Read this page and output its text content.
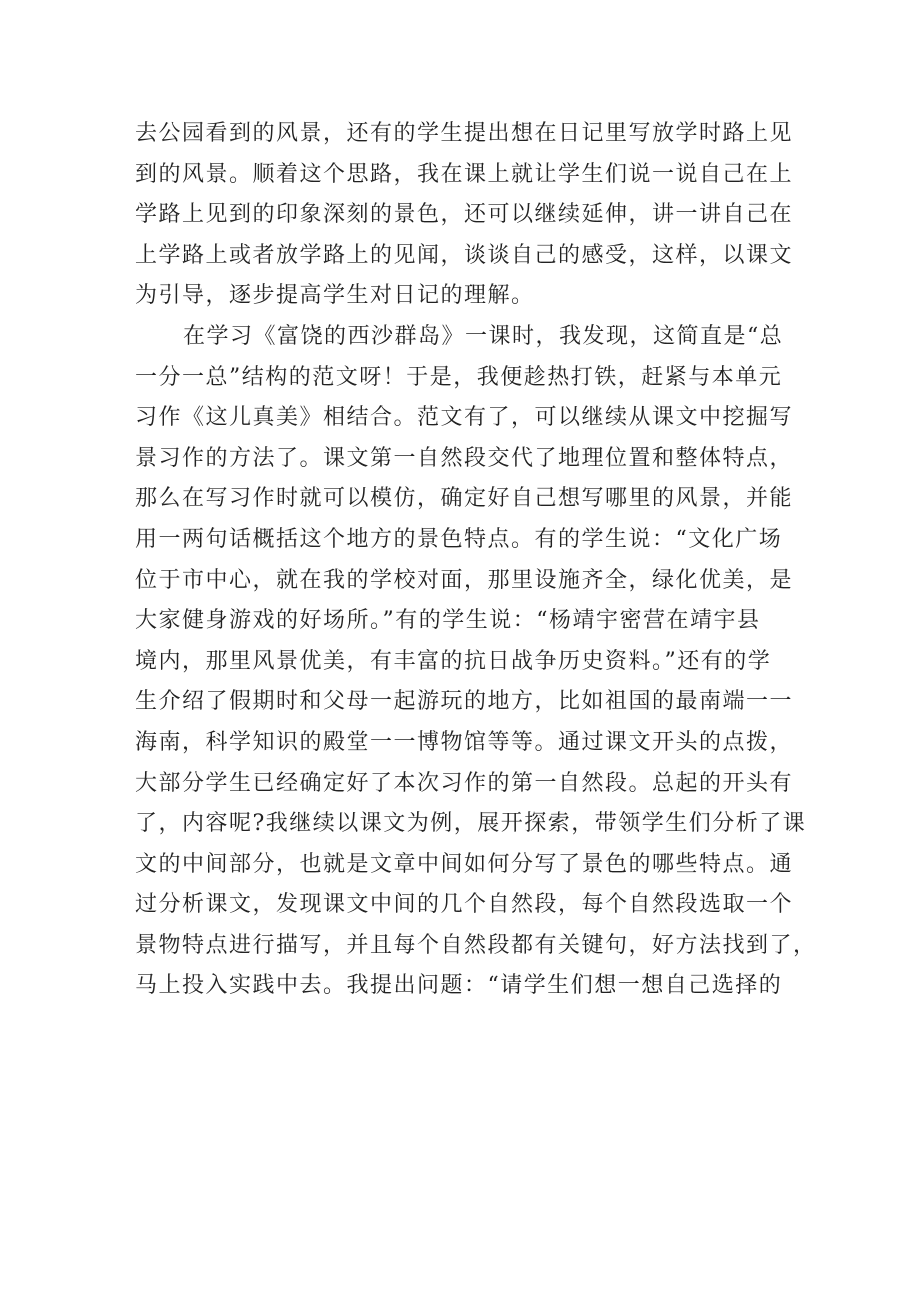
去公园看到的风景，还有的学生提出想在日记里写放学时路上见
到的风景。顺着这个思路，我在课上就让学生们说一说自己在上
学路上见到的印象深刻的景色，还可以继续延伸，讲一讲自己在
上学路上或者放学路上的见闻，谈谈自己的感受，这样，以课文
为引导，逐步提高学生对日记的理解。
在学习《富饶的西沙群岛》一课时，我发现，这简直是“总
一分一总”结构的范文呀！于是，我便趁热打铁，赶紧与本单元
习作《这儿真美》相结合。范文有了，可以继续从课文中挖掘写
景习作的方法了。课文第一自然段交代了地理位置和整体特点，
那么在写习作时就可以模仿，确定好自己想写哪里的风景，并能
用一两句话概括这个地方的景色特点。有的学生说：“文化广场
位于市中心，就在我的学校对面，那里设施齐全，绿化优美，是
大家健身游戏的好场所。”有的学生说：“杨靖宇密营在靖宇县
境内，那里风景优美，有丰富的抗日战争历史资料。”还有的学
生介绍了假期时和父母一起游玩的地方，比如祖国的最南端一一
海南，科学知识的殿堂一一博物馆等等。通过课文开头的点拨，
大部分学生已经确定好了本次习作的第一自然段。总起的开头有
了，内容呢?我继续以课文为例，展开探索，带领学生们分析了课
文的中间部分，也就是文章中间如何分写了景色的哪些特点。通
过分析课文，发现课文中间的几个自然段，每个自然段选取一个
景物特点进行描写，并且每个自然段都有关键句，好方法找到了，
马上投入实践中去。我提出问题：“请学生们想一想自己选择的
